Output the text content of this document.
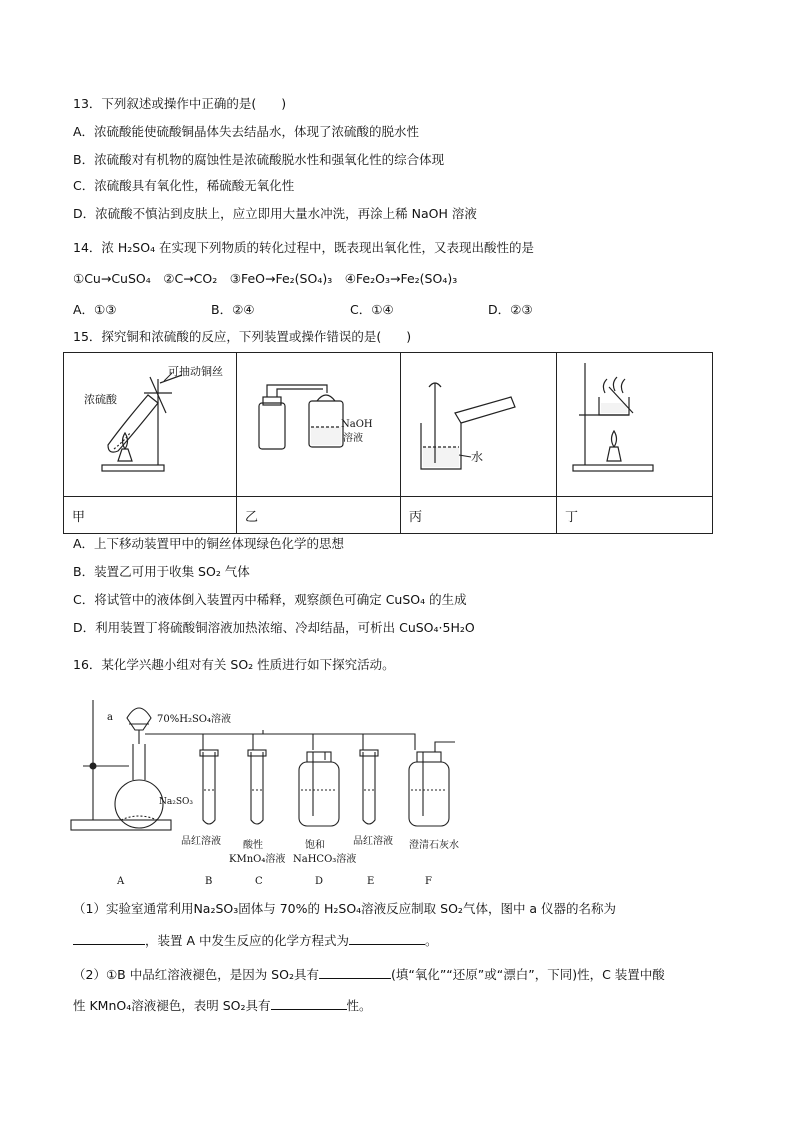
13．下列叙述或操作中正确的是(　　)
A．浓硫酸能使硫酸铜晶体失去结晶水，体现了浓硫酸的脱水性
B．浓硫酸对有机物的腐蚀性是浓硫酸脱水性和强氧化性的综合体现
C．浓硫酸具有氧化性，稀硫酸无氧化性
D．浓硫酸不慎沾到皮肤上，应立即用大量水冲洗，再涂上稀 NaOH 溶液
14．浓 H₂SO₄ 在实现下列物质的转化过程中，既表现出氧化性，又表现出酸性的是
①Cu→CuSO₄　②C→CO₂　③FeO→Fe₂(SO₄)₃　④Fe₂O₃→Fe₂(SO₄)₃
A．①③	B．②④	C．①④	D．②③
15．探究铜和浓硫酸的反应，下列装置或操作错误的是(　　)
可抽动铜丝
浓硫酸	NaOH
溶液	水

甲	乙	丙	丁
A．上下移动装置甲中的铜丝体现绿色化学的思想
B．装置乙可用于收集 SO₂ 气体
C．将试管中的液体倒入装置丙中稀释，观察颜色可确定 CuSO₄ 的生成
D．利用装置丁将硫酸铜溶液加热浓缩、冷却结晶，可析出 CuSO₄·5H₂O
16．某化学兴趣小组对有关 SO₂ 性质进行如下探究活动。
a	70%H₂SO₄溶液
Na₂SO₃
品红溶液 酸性
KMnO₄溶液
饱和
NaHCO₃溶液
品红溶液 澄清石灰水
A	B	C	D	E	F
（1）实验室通常利用Na₂SO₃固体与 70%的 H₂SO₄溶液反应制取 SO₂气体，图中 a 仪器的名称为
，装置 A 中发生反应的化学方程式为	。
（2）①B 中品红溶液褪色，是因为 SO₂具有	(填“氧化”“还原”或“漂白”，下同)性，C 装置中酸
性 KMnO₄溶液褪色，表明 SO₂具有	性。
